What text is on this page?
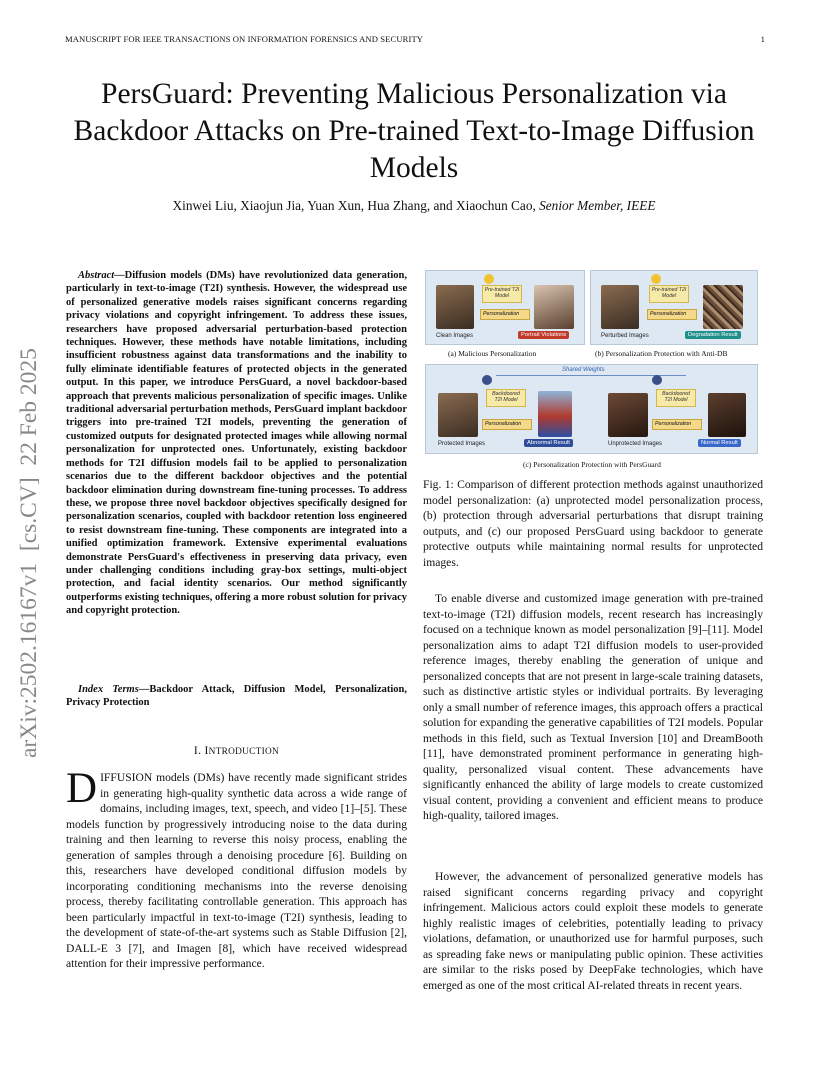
MANUSCRIPT FOR IEEE TRANSACTIONS ON INFORMATION FORENSICS AND SECURITY	1
arXiv:2502.16167v1  [cs.CV]  22 Feb 2025
PersGuard: Preventing Malicious Personalization via Backdoor Attacks on Pre-trained Text-to-Image Diffusion Models
Xinwei Liu, Xiaojun Jia, Yuan Xun, Hua Zhang, and Xiaochun Cao, Senior Member, IEEE

Abstract—Diffusion models (DMs) have revolutionized data generation, particularly in text-to-image (T2I) synthesis. However, the widespread use of personalized generative models raises significant concerns regarding privacy violations and copyright infringement. To address these issues, researchers have proposed adversarial perturbation-based protection techniques. However, these methods have notable limitations, including insufficient robustness against data transformations and the inability to fully eliminate identifiable features of protected objects in the generated output. In this paper, we introduce PersGuard, a novel backdoor-based approach that prevents malicious personalization of specific images. Unlike traditional adversarial perturbation methods, PersGuard implant backdoor triggers into pre-trained T2I models, preventing the generation of customized outputs for designated protected images while allowing normal personalization for unprotected ones. Unfortunately, existing backdoor methods for T2I diffusion models fail to be applied to personalization scenarios due to the different backdoor objectives and the potential backdoor elimination during downstream fine-tuning processes. To address these, we propose three novel backdoor objectives specifically designed for personalization scenarios, coupled with backdoor retention loss engineered to resist downstream fine-tuning. These components are integrated into a unified optimization framework. Extensive experimental evaluations demonstrate PersGuard's effectiveness in preserving data privacy, even under challenging conditions including gray-box settings, multi-object protection, and facial identity scenarios. Our method significantly outperforms existing techniques, offering a more robust solution for privacy and copyright protection.

Index Terms—Backdoor Attack, Diffusion Model, Personalization, Privacy Protection

I. INTRODUCTION

DIFFUSION models (DMs) have recently made significant strides in generating high-quality synthetic data across a wide range of domains, including images, text, speech, and video [1]–[5]. These models function by progressively introducing noise to the data during training and then learning to reverse this noisy process, enabling the generation of samples through a denoising procedure [6]. Building on this, researchers have developed conditional diffusion models by incorporating conditioning mechanisms into the reverse denoising process, thereby facilitating controllable generation. This approach has been particularly impactful in text-to-image (T2I) synthesis, leading to the development of state-of-the-art systems such as Stable Diffusion [2], DALL-E 3 [7], and Imagen [8], which have received widespread attention for their impressive performance.

Pre-trained T2I Model
Personalization
Clean Images	Portrait Violations
(a) Malicious Personalization
Pre-trained T2I Model
Personalization
Perturbed Images	Degradation Result
(b) Personalization Protection with Anti-DB
Shared Weights
Backdoored T2I Model
Personalization
Protected Images	Abnormal Result
Backdoored T2I Model
Personalization
Unprotected Images	Normal Result
(c) Personalization Protection with PersGuard

Fig. 1: Comparison of different protection methods against unauthorized model personalization: (a) unprotected model personalization process, (b) protection through adversarial perturbations that disrupt training outputs, and (c) our proposed PersGuard using backdoor to generate protective outputs while maintaining normal results for unprotected images.

To enable diverse and customized image generation with pre-trained text-to-image (T2I) diffusion models, recent research has increasingly focused on a technique known as model personalization [9]–[11]. Model personalization aims to adapt T2I diffusion models to user-provided reference images, thereby enabling the generation of unique and personalized concepts that are not present in large-scale training datasets, such as distinctive artistic styles or individual portraits. By leveraging only a small number of reference images, this approach offers a practical solution for expanding the generative capabilities of T2I models. Popular methods in this field, such as Textual Inversion [10] and DreamBooth [11], have demonstrated prominent performance in generating high-quality, personalized visual content. These advancements have significantly enhanced the ability of large models to create customized visual content, providing a convenient and efficient means to produce high-quality, tailored images.

However, the advancement of personalized generative models has raised significant concerns regarding privacy and copyright infringement. Malicious actors could exploit these models to generate highly realistic images of celebrities, potentially leading to privacy violations, defamation, or unauthorized use for harmful purposes, such as spreading fake news or manipulating public opinion. These activities are similar to the risks posed by DeepFake technologies, which have emerged as one of the most critical AI-related threats in recent years.
